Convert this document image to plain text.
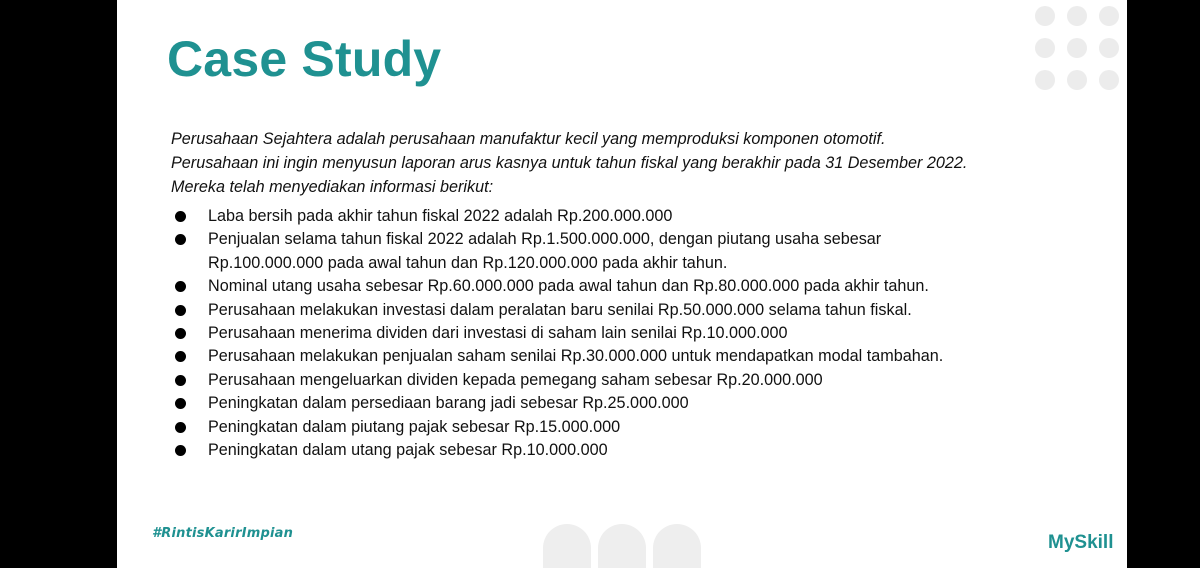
Case Study
Perusahaan Sejahtera adalah perusahaan manufaktur kecil yang memproduksi komponen otomotif.
Perusahaan ini ingin menyusun laporan arus kasnya untuk tahun fiskal yang berakhir pada 31 Desember 2022.
Mereka telah menyediakan informasi berikut:
Laba bersih pada akhir tahun fiskal 2022 adalah Rp.200.000.000
Penjualan selama tahun fiskal 2022 adalah Rp.1.500.000.000, dengan piutang usaha sebesar
Rp.100.000.000 pada awal tahun dan Rp.120.000.000 pada akhir tahun.
Nominal utang usaha sebesar Rp.60.000.000 pada awal tahun dan Rp.80.000.000 pada akhir tahun.
Perusahaan melakukan investasi dalam peralatan baru senilai Rp.50.000.000 selama tahun fiskal.
Perusahaan menerima dividen dari investasi di saham lain senilai Rp.10.000.000
Perusahaan melakukan penjualan saham senilai Rp.30.000.000 untuk mendapatkan modal tambahan.
Perusahaan mengeluarkan dividen kepada pemegang saham sebesar Rp.20.000.000
Peningkatan dalam persediaan barang jadi sebesar Rp.25.000.000
Peningkatan dalam piutang pajak sebesar Rp.15.000.000
Peningkatan dalam utang pajak sebesar Rp.10.000.000
#RintisKarirImpian	MySkill
